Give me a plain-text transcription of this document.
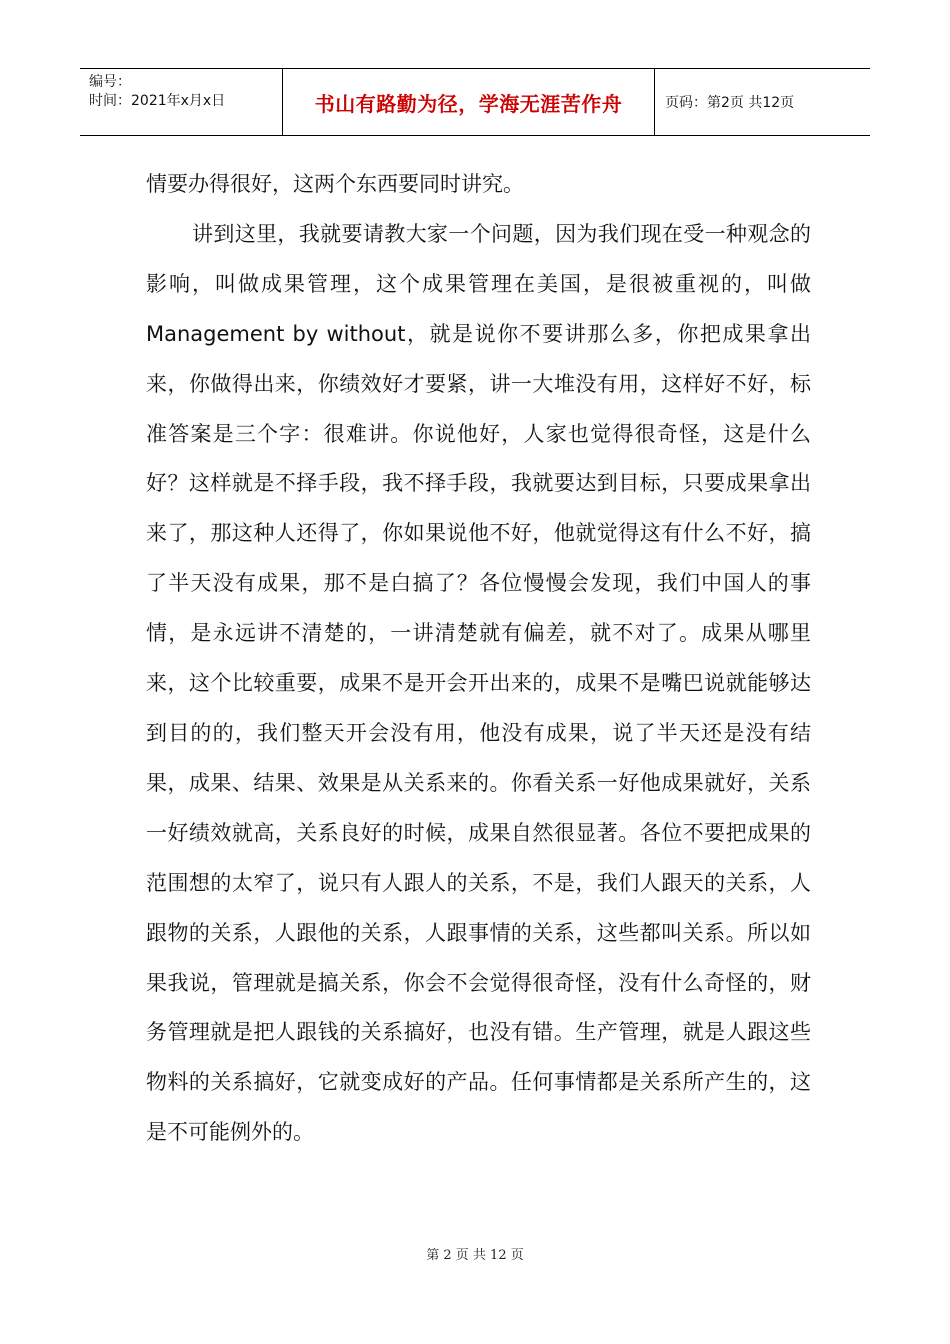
编号：
时间：2021年x月x日	书山有路勤为径，学海无涯苦作舟	页码：第2页 共12页

情要办得很好，这两个东西要同时讲究。

讲到这里，我就要请教大家一个问题，因为我们现在受一种观念的影响，叫做成果管理，这个成果管理在美国，是很被重视的，叫做Management by without，就是说你不要讲那么多，你把成果拿出来，你做得出来，你绩效好才要紧，讲一大堆没有用，这样好不好，标准答案是三个字：很难讲。你说他好，人家也觉得很奇怪，这是什么好？这样就是不择手段，我不择手段，我就要达到目标，只要成果拿出来了，那这种人还得了，你如果说他不好，他就觉得这有什么不好，搞了半天没有成果，那不是白搞了？各位慢慢会发现，我们中国人的事情，是永远讲不清楚的，一讲清楚就有偏差，就不对了。成果从哪里来，这个比较重要，成果不是开会开出来的，成果不是嘴巴说就能够达到目的的，我们整天开会没有用，他没有成果，说了半天还是没有结果，成果、结果、效果是从关系来的。你看关系一好他成果就好，关系一好绩效就高，关系良好的时候，成果自然很显著。各位不要把成果的范围想的太窄了，说只有人跟人的关系，不是，我们人跟天的关系，人跟物的关系，人跟他的关系，人跟事情的关系，这些都叫关系。所以如果我说，管理就是搞关系，你会不会觉得很奇怪，没有什么奇怪的，财务管理就是把人跟钱的关系搞好，也没有错。生产管理，就是人跟这些物料的关系搞好，它就变成好的产品。任何事情都是关系所产生的，这是不可能例外的。

第 2 页 共 12 页
